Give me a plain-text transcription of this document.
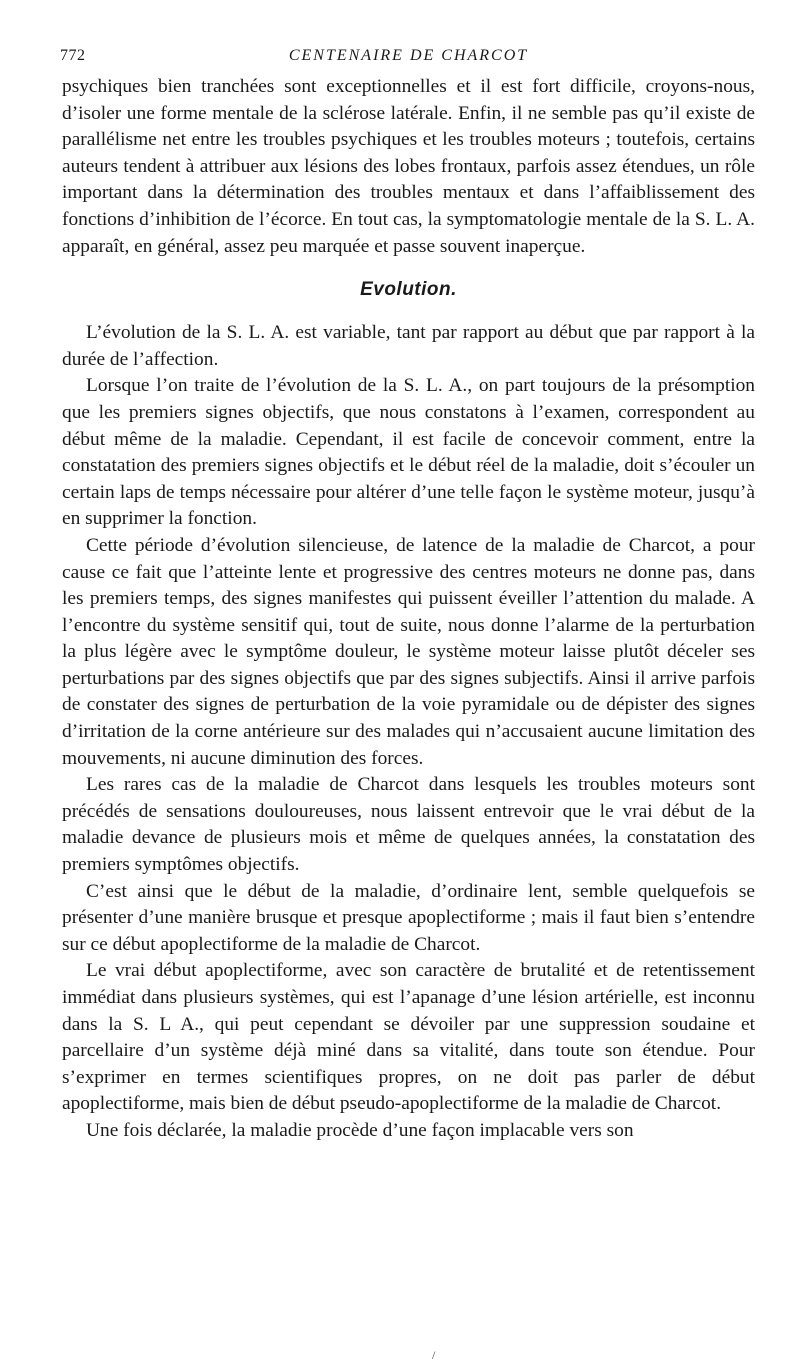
772	CENTENAIRE DE CHARCOT

psychiques bien tranchées sont exceptionnelles et il est fort difficile, croyons-nous, d’isoler une forme mentale de la sclérose latérale. Enfin, il ne semble pas qu’il existe de parallélisme net entre les troubles psychiques et les troubles moteurs ; toutefois, certains auteurs tendent à attribuer aux lésions des lobes frontaux, parfois assez étendues, un rôle important dans la détermination des troubles mentaux et dans l’affaiblissement des fonctions d’inhibition de l’écorce. En tout cas, la symptomatologie mentale de la S. L. A. apparaît, en général, assez peu marquée et passe souvent inaperçue.

Evolution.

L’évolution de la S. L. A. est variable, tant par rapport au début que par rapport à la durée de l’affection.

Lorsque l’on traite de l’évolution de la S. L. A., on part toujours de la présomption que les premiers signes objectifs, que nous constatons à l’examen, correspondent au début même de la maladie. Cependant, il est facile de concevoir comment, entre la constatation des premiers signes objectifs et le début réel de la maladie, doit s’écouler un certain laps de temps nécessaire pour altérer d’une telle façon le système moteur, jusqu’à en supprimer la fonction.

Cette période d’évolution silencieuse, de latence de la maladie de Charcot, a pour cause ce fait que l’atteinte lente et progressive des centres moteurs ne donne pas, dans les premiers temps, des signes manifestes qui puissent éveiller l’attention du malade. A l’encontre du système sensitif qui, tout de suite, nous donne l’alarme de la perturbation la plus légère avec le symptôme douleur, le système moteur laisse plutôt déceler ses perturbations par des signes objectifs que par des signes subjectifs. Ainsi il arrive parfois de constater des signes de perturbation de la voie pyramidale ou de dépister des signes d’irritation de la corne antérieure sur des malades qui n’accusaient aucune limitation des mouvements, ni aucune diminution des forces.

Les rares cas de la maladie de Charcot dans lesquels les troubles moteurs sont précédés de sensations douloureuses, nous laissent entrevoir que le vrai début de la maladie devance de plusieurs mois et même de quelques années, la constatation des premiers symptômes objectifs.

C’est ainsi que le début de la maladie, d’ordinaire lent, semble quelquefois se présenter d’une manière brusque et presque apoplectiforme ; mais il faut bien s’entendre sur ce début apoplectiforme de la maladie de Charcot.

Le vrai début apoplectiforme, avec son caractère de brutalité et de retentissement immédiat dans plusieurs systèmes, qui est l’apanage d’une lésion artérielle, est inconnu dans la S. L A., qui peut cependant se dévoiler par une suppression soudaine et parcellaire d’un système déjà miné dans sa vitalité, dans toute son étendue. Pour s’exprimer en termes scientifiques propres, on ne doit pas parler de début apoplectiforme, mais bien de début pseudo-apoplectiforme de la maladie de Charcot.

Une fois déclarée, la maladie procède d’une façon implacable vers son

/
